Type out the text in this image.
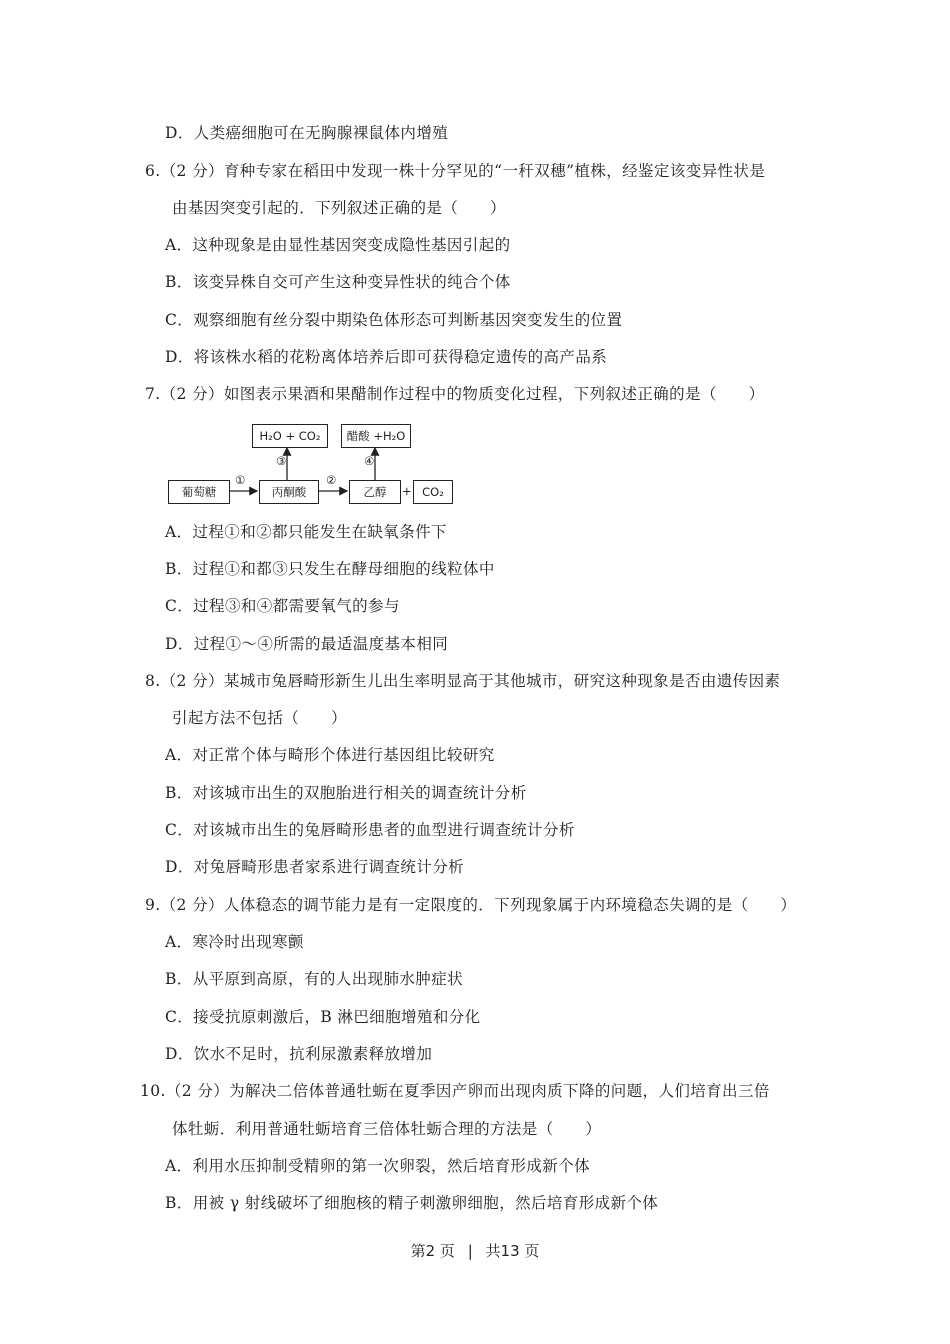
D．人类癌细胞可在无胸腺裸鼠体内增殖
6.（2 分）育种专家在稻田中发现一株十分罕见的“一秆双穗”植株，经鉴定该变异性状是
由基因突变引起的．下列叙述正确的是（　　）
A．这种现象是由显性基因突变成隐性基因引起的
B．该变异株自交可产生这种变异性状的纯合个体
C．观察细胞有丝分裂中期染色体形态可判断基因突变发生的位置
D．将该株水稻的花粉离体培养后即可获得稳定遗传的高产品系
7.（2 分）如图表示果酒和果醋制作过程中的物质变化过程，下列叙述正确的是（　　）
葡萄糖	丙酮酸	乙醇	+ CO₂
H₂O + CO₂	醋酸 +H₂O
①	②
③	④
A．过程①和②都只能发生在缺氧条件下
B．过程①和都③只发生在酵母细胞的线粒体中
C．过程③和④都需要氧气的参与
D．过程①～④所需的最适温度基本相同
8.（2 分）某城市兔唇畸形新生儿出生率明显高于其他城市，研究这种现象是否由遗传因素
引起方法不包括（　　）
A．对正常个体与畸形个体进行基因组比较研究
B．对该城市出生的双胞胎进行相关的调查统计分析
C．对该城市出生的兔唇畸形患者的血型进行调查统计分析
D．对兔唇畸形患者家系进行调查统计分析
9.（2 分）人体稳态的调节能力是有一定限度的．下列现象属于内环境稳态失调的是（　　）
A．寒冷时出现寒颤
B．从平原到高原，有的人出现肺水肿症状
C．接受抗原刺激后，B 淋巴细胞增殖和分化
D．饮水不足时，抗利尿激素释放增加
10.（2 分）为解决二倍体普通牡蛎在夏季因产卵而出现肉质下降的问题，人们培育出三倍
体牡蛎．利用普通牡蛎培育三倍体牡蛎合理的方法是（　　）
A．利用水压抑制受精卵的第一次卵裂，然后培育形成新个体
B．用被 γ 射线破坏了细胞核的精子刺激卵细胞，然后培育形成新个体
第2 页 | 共13 页
